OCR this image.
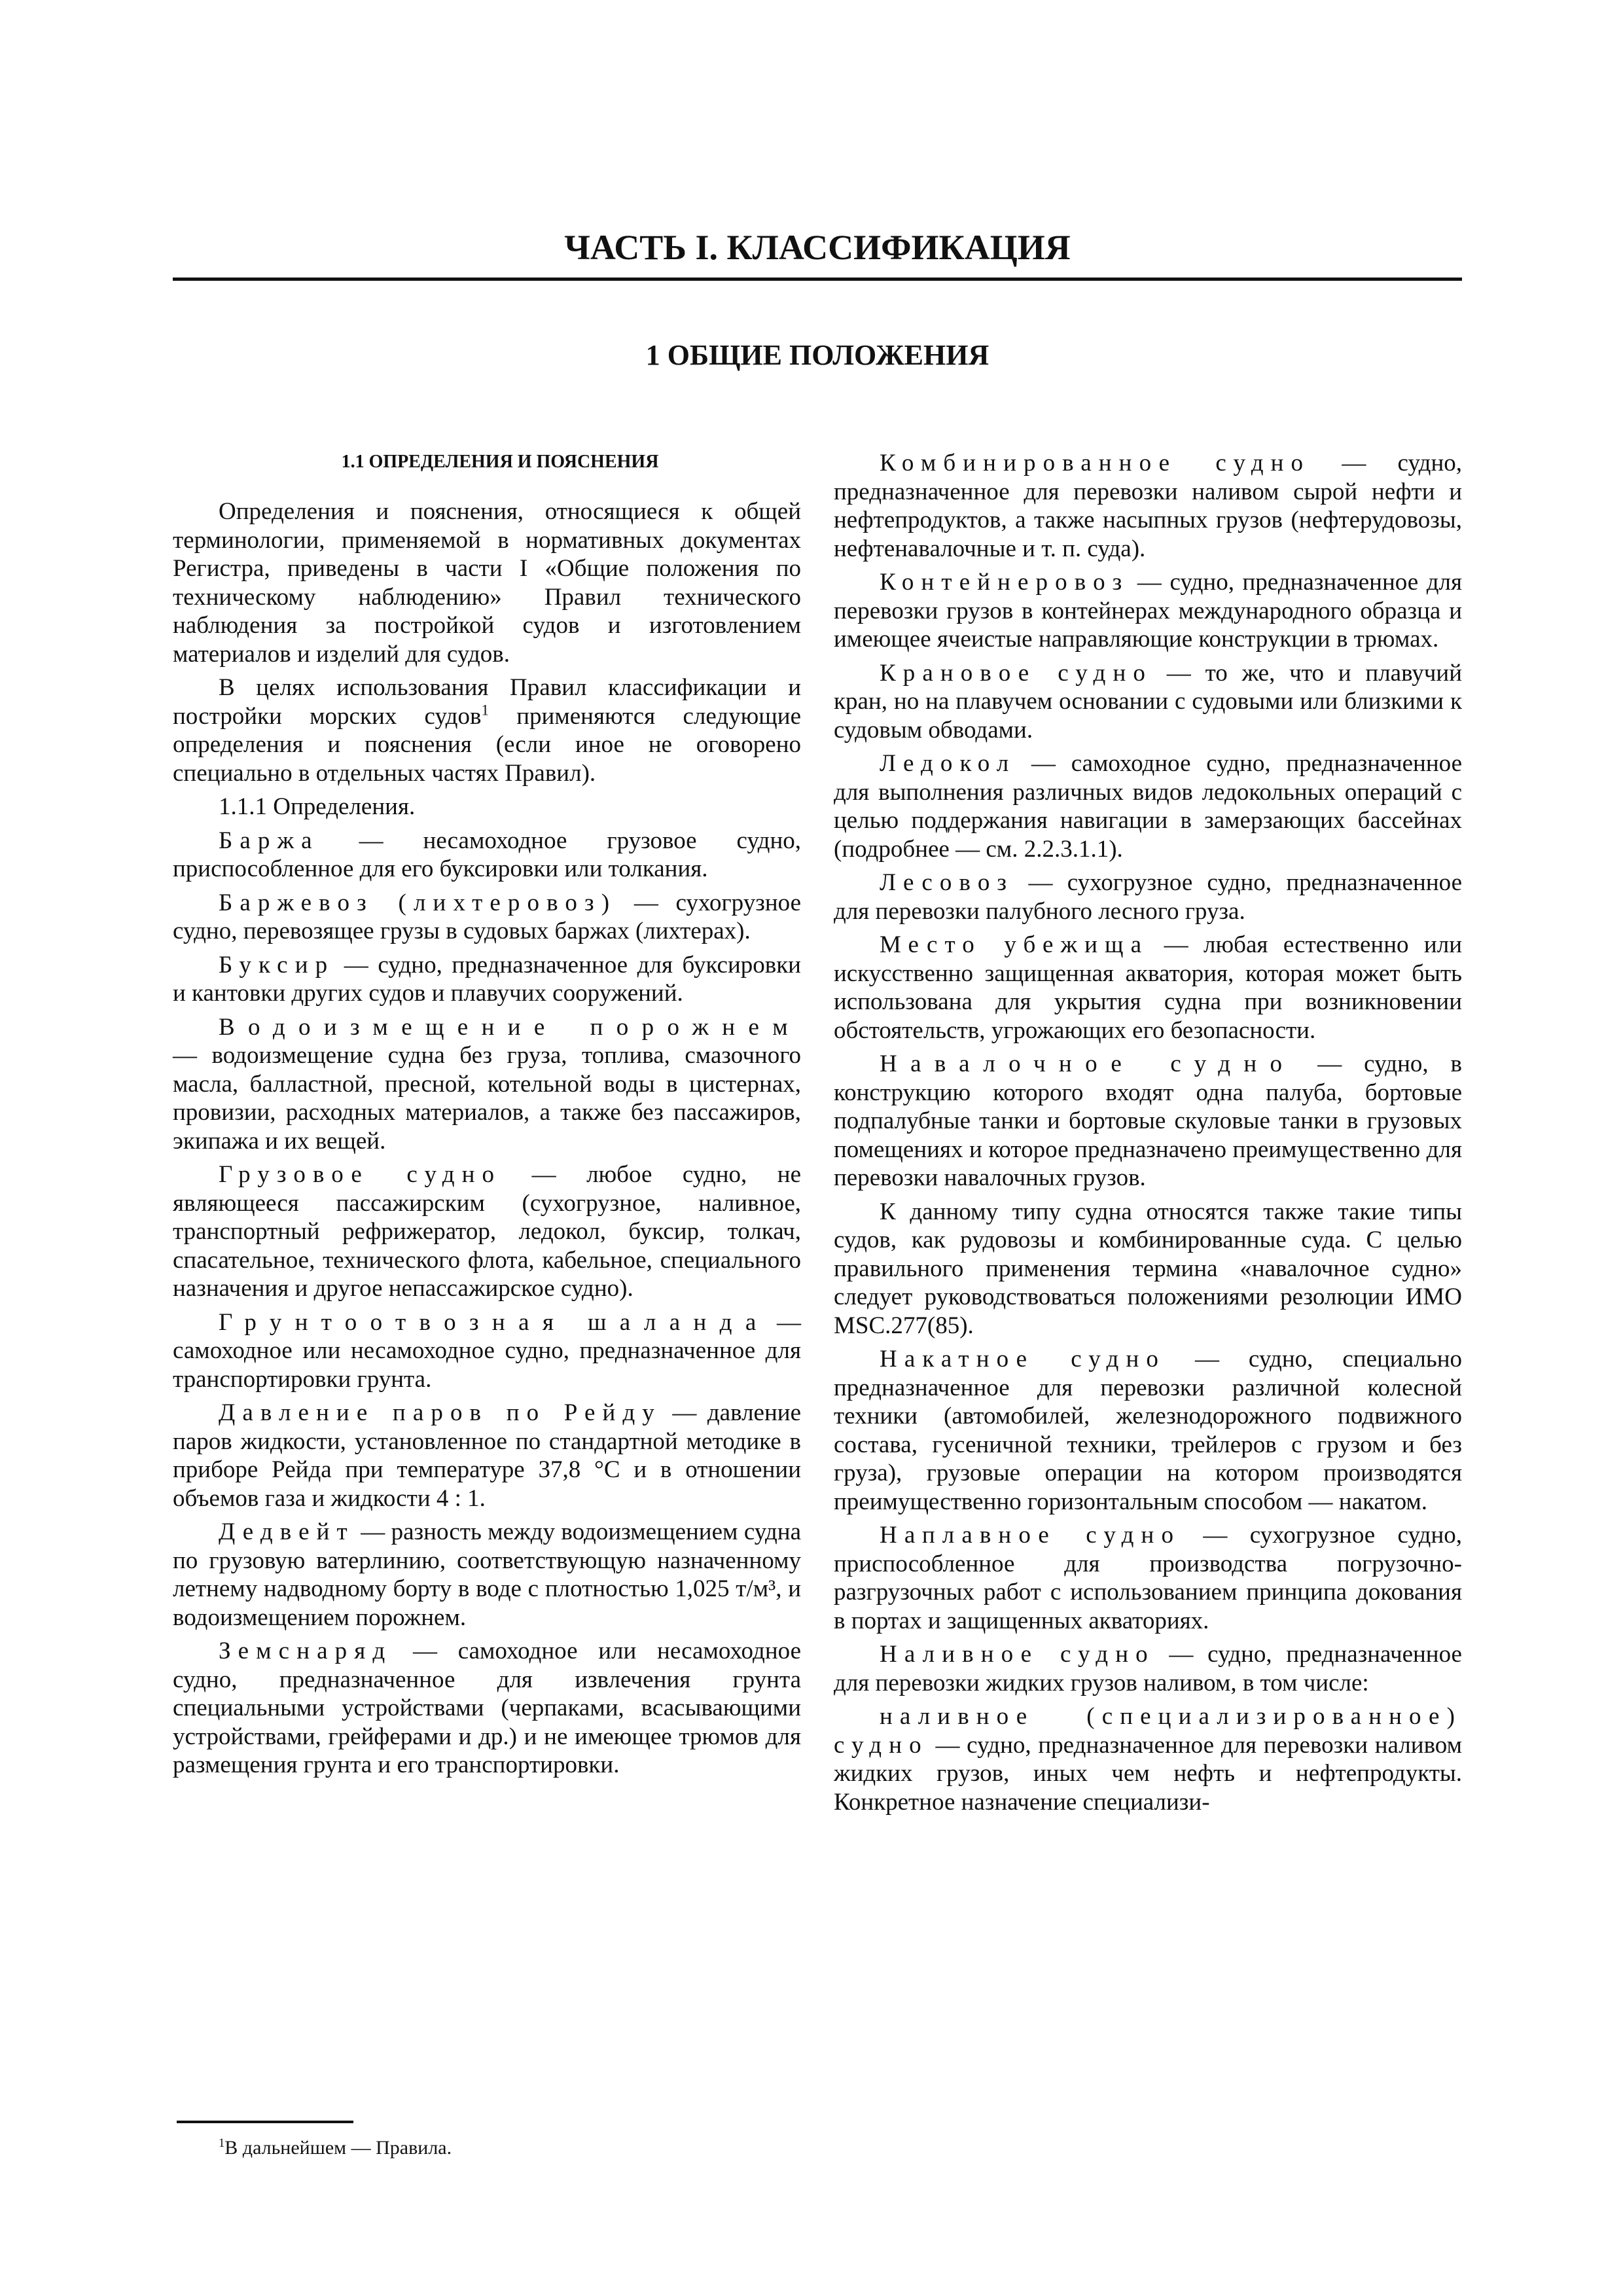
ЧАСТЬ I. КЛАССИФИКАЦИЯ
1 ОБЩИЕ ПОЛОЖЕНИЯ
1.1 ОПРЕДЕЛЕНИЯ И ПОЯСНЕНИЯ

Определения и пояснения, относящиеся к общей терминологии, применяемой в нормативных документах Регистра, приведены в части I «Общие положения по техническому наблюдению» Правил технического наблюдения за постройкой судов и изготовлением материалов и изделий для судов.

В целях использования Правил классификации и постройки морских судов$^1$ применяются следующие определения и пояснения (если иное не оговорено специально в отдельных частях Правил).

1.1.1 Определения.

Баржа — несамоходное грузовое судно, приспособленное для его буксировки или толкания.

Баржевоз (лихтеровоз) — сухогрузное судно, перевозящее грузы в судовых баржах (лихтерах).

Буксир — судно, предназначенное для буксировки и кантовки других судов и плавучих сооружений.

Водоизмещение порожнем — водоизмещение судна без груза, топлива, смазочного масла, балластной, пресной, котельной воды в цистернах, провизии, расходных материалов, а также без пассажиров, экипажа и их вещей.

Грузовое судно — любое судно, не являющееся пассажирским (сухогрузное, наливное, транспортный рефрижератор, ледокол, буксир, толкач, спасательное, технического флота, кабельное, специального назначения и другое непассажирское судно).

Грунтоотвозная шаланда — самоходное или несамоходное судно, предназначенное для транспортировки грунта.

Давление паров по Рейду — давление паров жидкости, установленное по стандартной методике в приборе Рейда при температуре 37,8 °С и в отношении объемов газа и жидкости 4 : 1.

Дедвейт — разность между водоизмещением судна по грузовую ватерлинию, соответствующую назначенному летнему надводному борту в воде с плотностью 1,025 т/м³, и водоизмещением порожнем.

Земснаряд — самоходное или несамоходное судно, предназначенное для извлечения грунта специальными устройствами (черпаками, всасывающими устройствами, грейферами и др.) и не имеющее трюмов для размещения грунта и его транспортировки.

Комбинированное судно — судно, предназначенное для перевозки наливом сырой нефти и нефтепродуктов, а также насыпных грузов (нефтерудовозы, нефтенавалочные и т. п. суда).

Контейнеровоз — судно, предназначенное для перевозки грузов в контейнерах международного образца и имеющее ячеистые направляющие конструкции в трюмах.

Крановое судно — то же, что и плавучий кран, но на плавучем основании с судовыми или близкими к судовым обводами.

Ледокол — самоходное судно, предназначенное для выполнения различных видов ледокольных операций с целью поддержания навигации в замерзающих бассейнах (подробнее — см. 2.2.3.1.1).

Лесовоз — сухогрузное судно, предназначенное для перевозки палубного лесного груза.

Место убежища — любая естественно или искусственно защищенная акватория, которая может быть использована для укрытия судна при возникновении обстоятельств, угрожающих его безопасности.

Навалочное судно — судно, в конструкцию которого входят одна палуба, бортовые подпалубные танки и бортовые скуловые танки в грузовых помещениях и которое предназначено преимущественно для перевозки навалочных грузов.

К данному типу судна относятся также такие типы судов, как рудовозы и комбинированные суда. С целью правильного применения термина «навалочное судно» следует руководствоваться положениями резолюции ИМО MSC.277(85).

Накатное судно — судно, специально предназначенное для перевозки различной колесной техники (автомобилей, железнодорожного подвижного состава, гусеничной техники, трейлеров с грузом и без груза), грузовые операции на котором производятся преимущественно горизонтальным способом — накатом.

Наплавное судно — сухогрузное судно, приспособленное для производства погрузочно-разгрузочных работ с использованием принципа докования в портах и защищенных акваториях.

Наливное судно — судно, предназначенное для перевозки жидких грузов наливом, в том числе:

наливное (специализированное) судно — судно, предназначенное для перевозки наливом жидких грузов, иных чем нефть и нефтепродукты. Конкретное назначение специализи-

$^1$В дальнейшем — Правила.
